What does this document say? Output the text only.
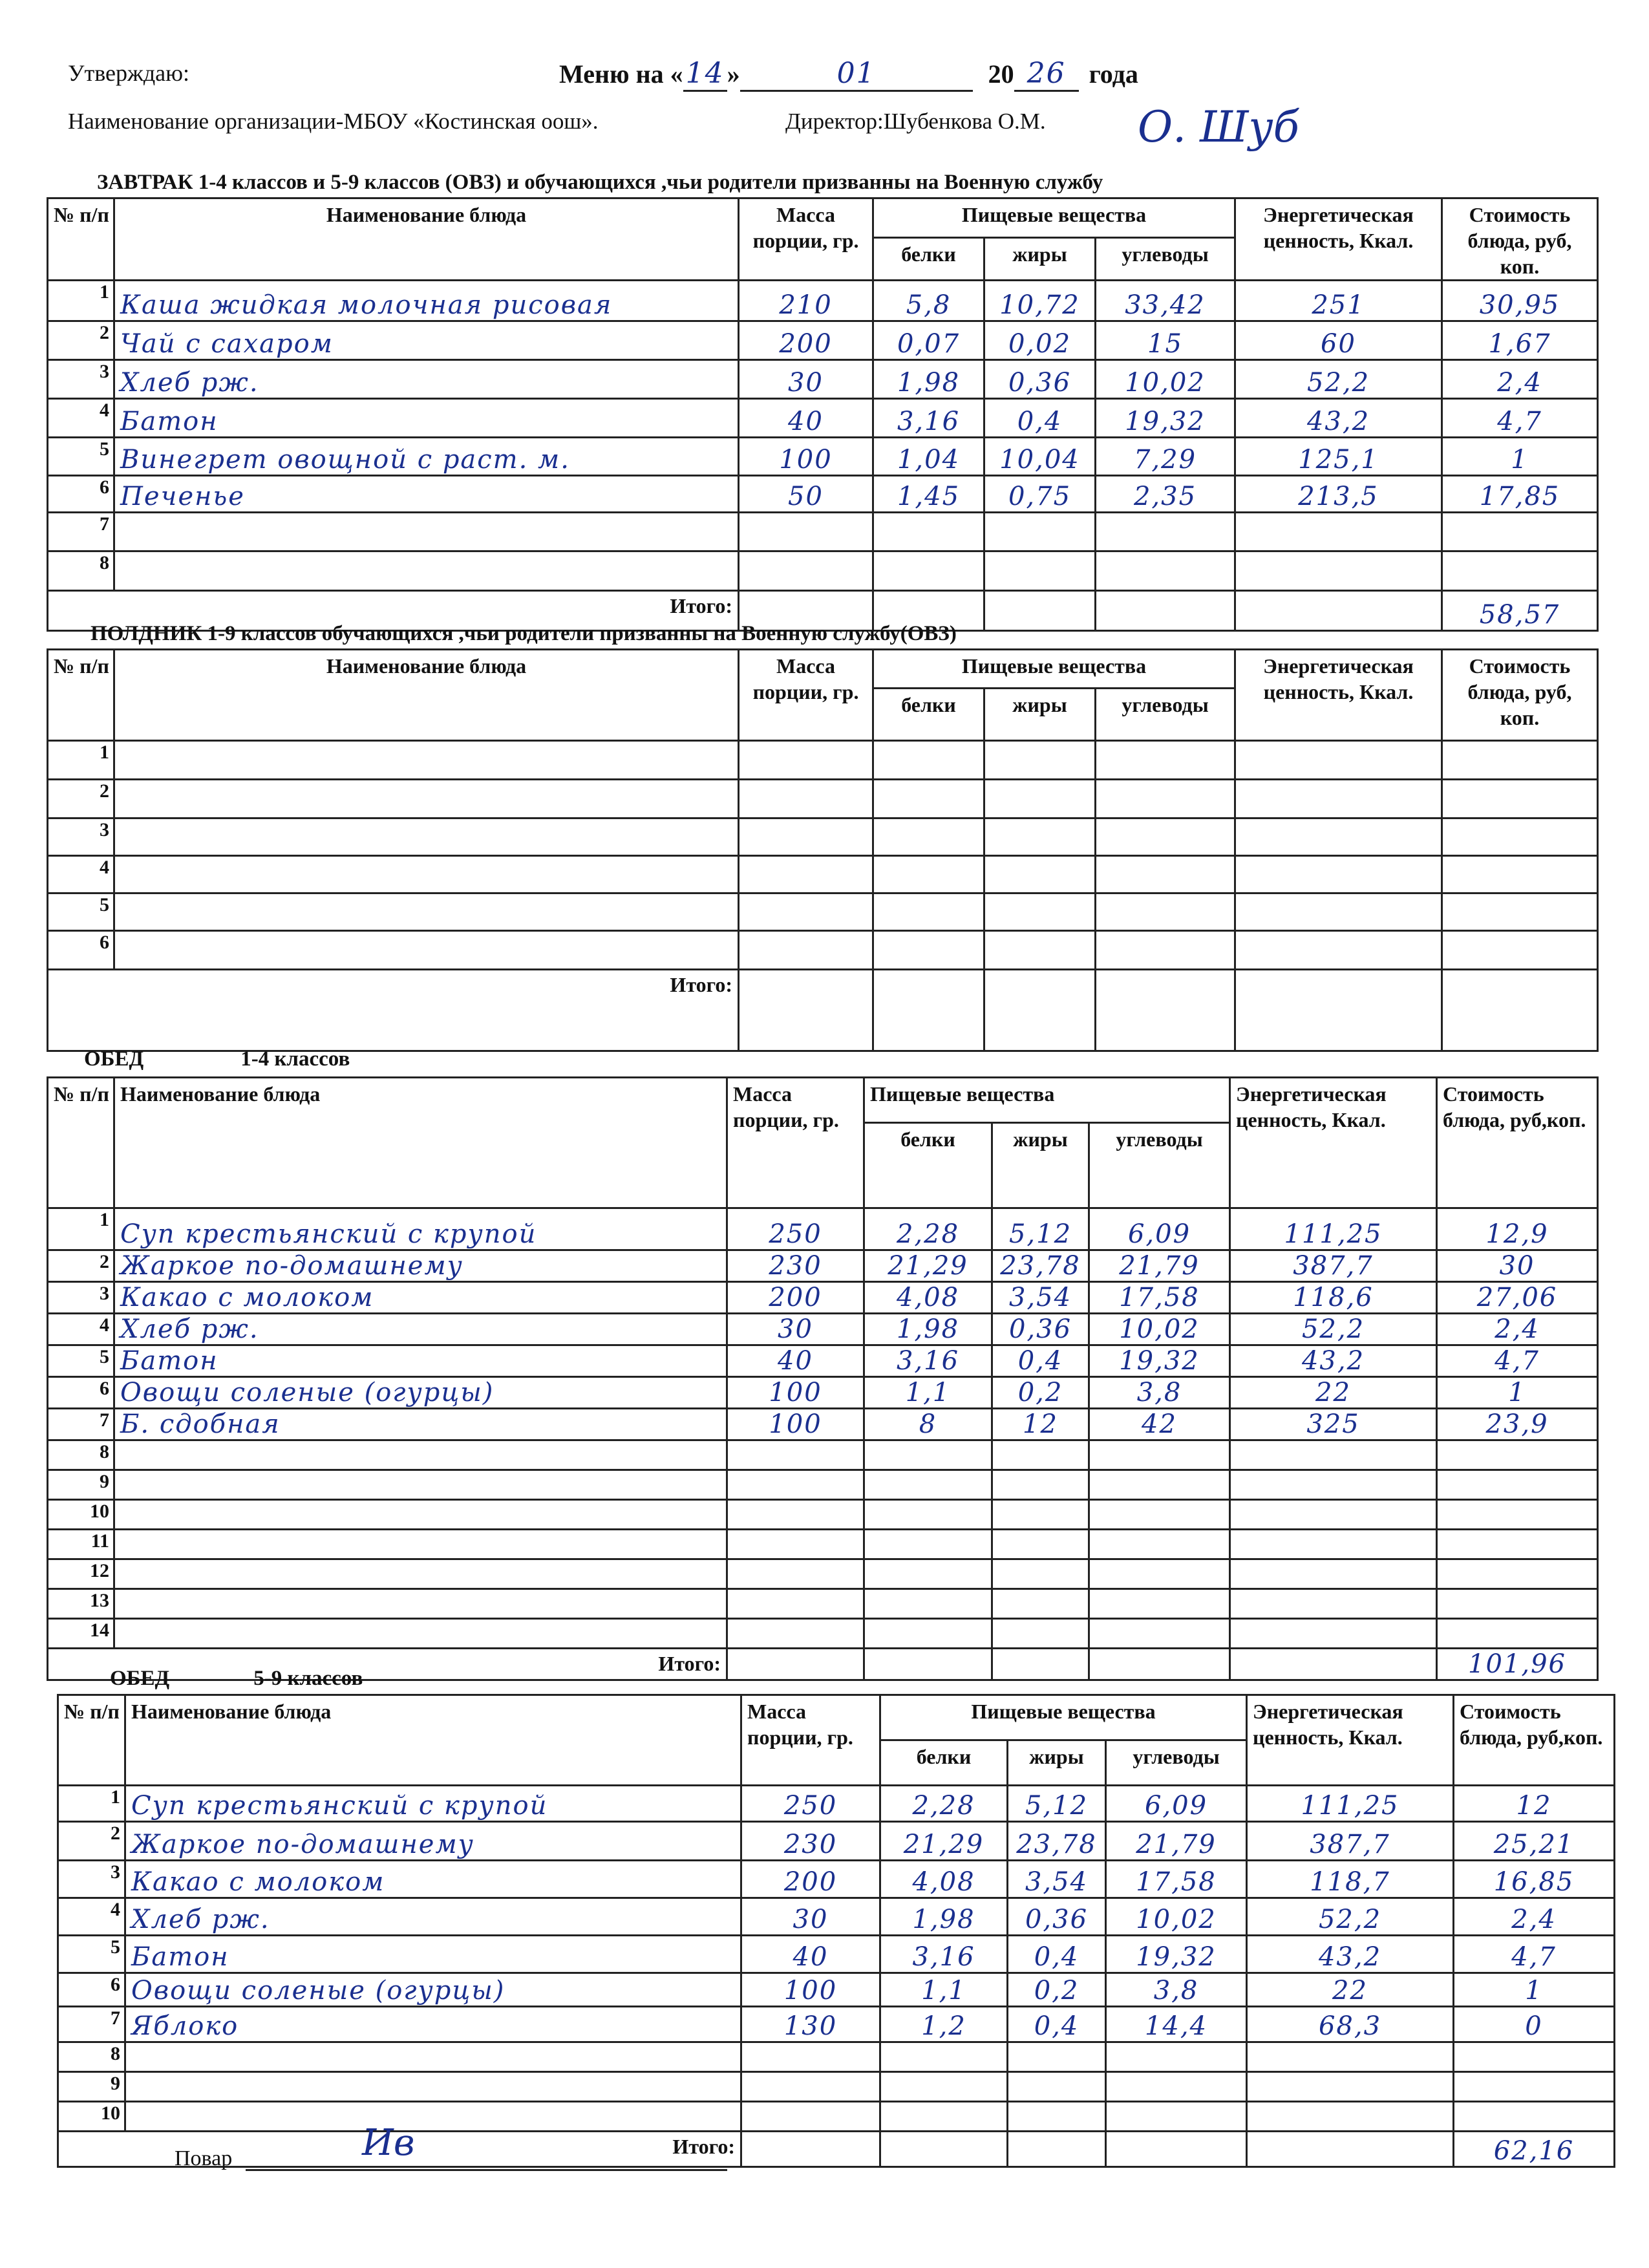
Утверждаю:	Меню на «14 »	01	20 26 года
Наименование организации-МБОУ «Костинская оош».	Директор:Шубенкова О.М. О. Шуб
ЗАВТРАК 1-4 классов и 5-9 классов (ОВЗ) и обучающихся ,чьи родители призванны на Военную службу
№ п/п	Наименование блюда	Масса порции, гр.	Пищевые вещества			Энергетическая ценность, Ккал.	Стоимость блюда, руб, коп.
			белки	жиры	углеводы		
1	Каша жидкая молочная рисовая	210	5,8	10,72	33,42	251	30,95
2	Чай с сахаром	200	0,07	0,02	15	60	1,67
3	Хлеб рж.	30	1,98	0,36	10,02	52,2	2,4
4	Батон	40	3,16	0,4	19,32	43,2	4,7
5	Винегрет овощной с раст. м.	100	1,04	10,04	7,29	125,1	1
6	Печенье	50	1,45	0,75	2,35	213,5	17,85
7							
8							
Итого:							58,57
ПОЛДНИК 1-9 классов обучающихся ,чьи родители призванны на Военную службу(ОВЗ)
№ п/п	Наименование блюда	Масса порции, гр.	Пищевые вещества			Энергетическая ценность, Ккал.	Стоимость блюда, руб, коп.
			белки	жиры	углеводы		
1							
2							
3							
4							
5							
6							
Итого:							
ОБЕД	1-4 классов
№ п/п	Наименование блюда	Масса порции, гр.	Пищевые вещества			Энергетическая ценность, Ккал.	Стоимость блюда, руб,коп.
			белки	жиры	углеводы		
1	Суп крестьянский с крупой	250	2,28	5,12	6,09	111,25	12,9
2	Жаркое по-домашнему	230	21,29	23,78	21,79	387,7	30
3	Какао с молоком	200	4,08	3,54	17,58	118,6	27,06
4	Хлеб рж.	30	1,98	0,36	10,02	52,2	2,4
5	Батон	40	3,16	0,4	19,32	43,2	4,7
6	Овощи соленые (огурцы)	100	1,1	0,2	3,8	22	1
7	Б. сдобная	100	8	12	42	325	23,9
8							
9							
10							
11							
12							
13							
14							
Итого:							101,96
ОБЕД	5-9 классов
№ п/п	Наименование блюда	Масса порции, гр.	Пищевые вещества			Энергетическая ценность, Ккал.	Стоимость блюда, руб,коп.
			белки	жиры	углеводы		
1	Суп крестьянский с крупой	250	2,28	5,12	6,09	111,25	12
2	Жаркое по-домашнему	230	21,29	23,78	21,79	387,7	25,21
3	Какао с молоком	200	4,08	3,54	17,58	118,7	16,85
4	Хлеб рж.	30	1,98	0,36	10,02	52,2	2,4
5	Батон	40	3,16	0,4	19,32	43,2	4,7
6	Овощи соленые (огурцы)	100	1,1	0,2	3,8	22	1
7	Яблоко	130	1,2	0,4	14,4	68,3	0
8							
9							
10							
Итого:							62,16
Повар	Ив
